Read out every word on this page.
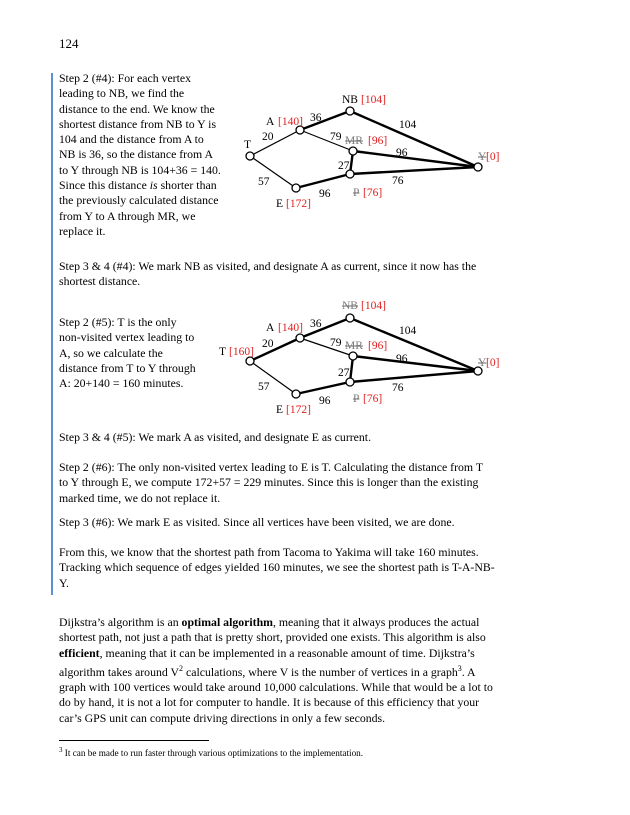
124
Step 2 (#4): For each vertex
leading to NB, we find the
distance to the end. We know the
shortest distance from NB to Y is
104 and the distance from A to
NB is 36, so the distance from A
to Y through NB is 104+36 = 140.
Since this distance is shorter than
the previously calculated distance
from Y to A through MR, we
replace it.
T
A [140]
NB [104]
MR [96]
E [172]
P [76]
Y [0]
20
36
104
79
96
27
57
96
76
Step 3 & 4 (#4): We mark NB as visited, and designate A as current, since it now has the
shortest distance.
Step 2 (#5): T is the only
non-visited vertex leading to
A, so we calculate the
distance from T to Y through
A: 20+140 = 160 minutes.
T [160]
A [140]
NB [104]
MR [96]
E [172]
P [76]
Y [0]
20
36
104
79
96
27
57
96
76
Step 3 & 4 (#5): We mark A as visited, and designate E as current.
Step 2 (#6): The only non-visited vertex leading to E is T. Calculating the distance from T
to Y through E, we compute 172+57 = 229 minutes. Since this is longer than the existing
marked time, we do not replace it.
Step 3 (#6): We mark E as visited. Since all vertices have been visited, we are done.
From this, we know that the shortest path from Tacoma to Yakima will take 160 minutes.
Tracking which sequence of edges yielded 160 minutes, we see the shortest path is T-A-NB-
Y.
Dijkstra’s algorithm is an optimal algorithm, meaning that it always produces the actual
shortest path, not just a path that is pretty short, provided one exists. This algorithm is also
efficient, meaning that it can be implemented in a reasonable amount of time. Dijkstra’s
algorithm takes around $V^2$ calculations, where V is the number of vertices in a graph$^3$. A
graph with 100 vertices would take around 10,000 calculations. While that would be a lot to
do by hand, it is not a lot for computer to handle. It is because of this efficiency that your
car’s GPS unit can compute driving directions in only a few seconds.
$^3$ It can be made to run faster through various optimizations to the implementation.
